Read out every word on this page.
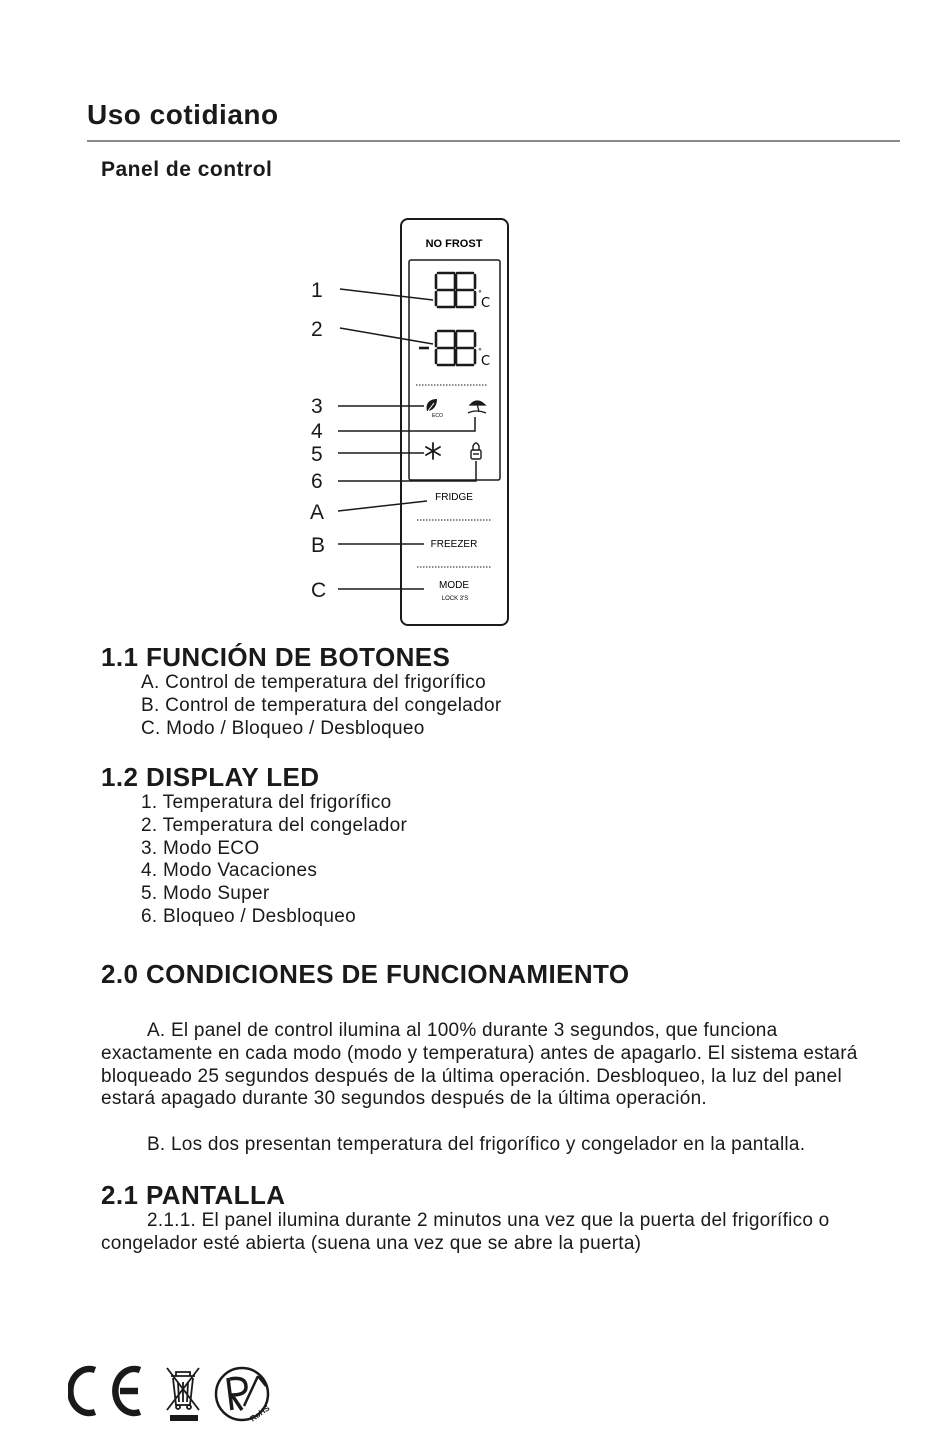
Uso cotidiano
Panel de control
NO FROST
°
C
°
C
ECO
FRIDGE
FREEZER
MODE
LOCK 3'S
1
2
3
4
5
6
A
B
C
1.1 FUNCIÓN DE BOTONES
A. Control de temperatura del frigorífico
B. Control de temperatura del congelador
C. Modo / Bloqueo / Desbloqueo
1.2 DISPLAY LED
1. Temperatura del frigorífico
2. Temperatura del congelador
3. Modo ECO
4. Modo Vacaciones
5. Modo Super
6. Bloqueo / Desbloqueo
2.0 CONDICIONES DE FUNCIONAMIENTO

A. El panel de control ilumina al 100% durante 3 segundos, que funciona exactamente en cada modo (modo y temperatura) antes de apagarlo. El sistema estará bloqueado 25 segundos después de la última operación. Desbloqueo, la luz del panel estará apagado durante 30 segundos después de la última operación.

B. Los dos presentan temperatura del frigorífico y congelador en la pantalla.

2.1 PANTALLA

2.1.1. El panel ilumina durante 2 minutos una vez que la puerta del frigorífico o congelador esté abierta (suena una vez que se abre la puerta)

RoHS
